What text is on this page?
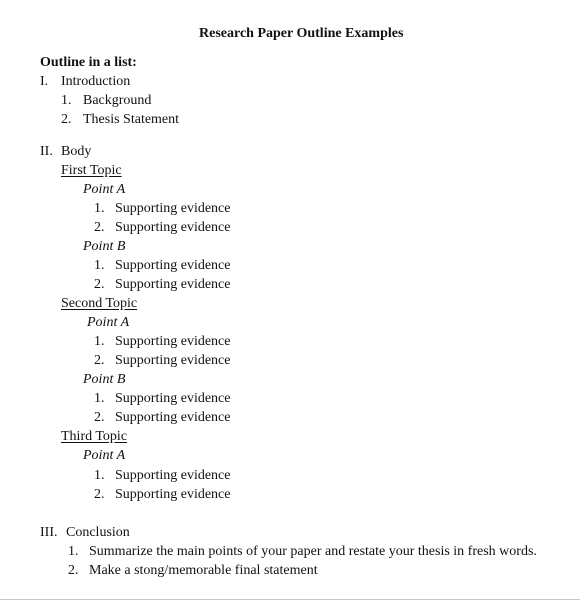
Research Paper Outline Examples
Outline in a list:
I. Introduction
1. Background
2. Thesis Statement
II. Body
First Topic
Point A
1. Supporting evidence
2. Supporting evidence
Point B
1. Supporting evidence
2. Supporting evidence
Second Topic
Point A
1. Supporting evidence
2. Supporting evidence
Point B
1. Supporting evidence
2. Supporting evidence
Third Topic
Point A
1. Supporting evidence
2. Supporting evidence
III. Conclusion
1. Summarize the main points of your paper and restate your thesis in fresh words.
2. Make a stong/memorable final statement
